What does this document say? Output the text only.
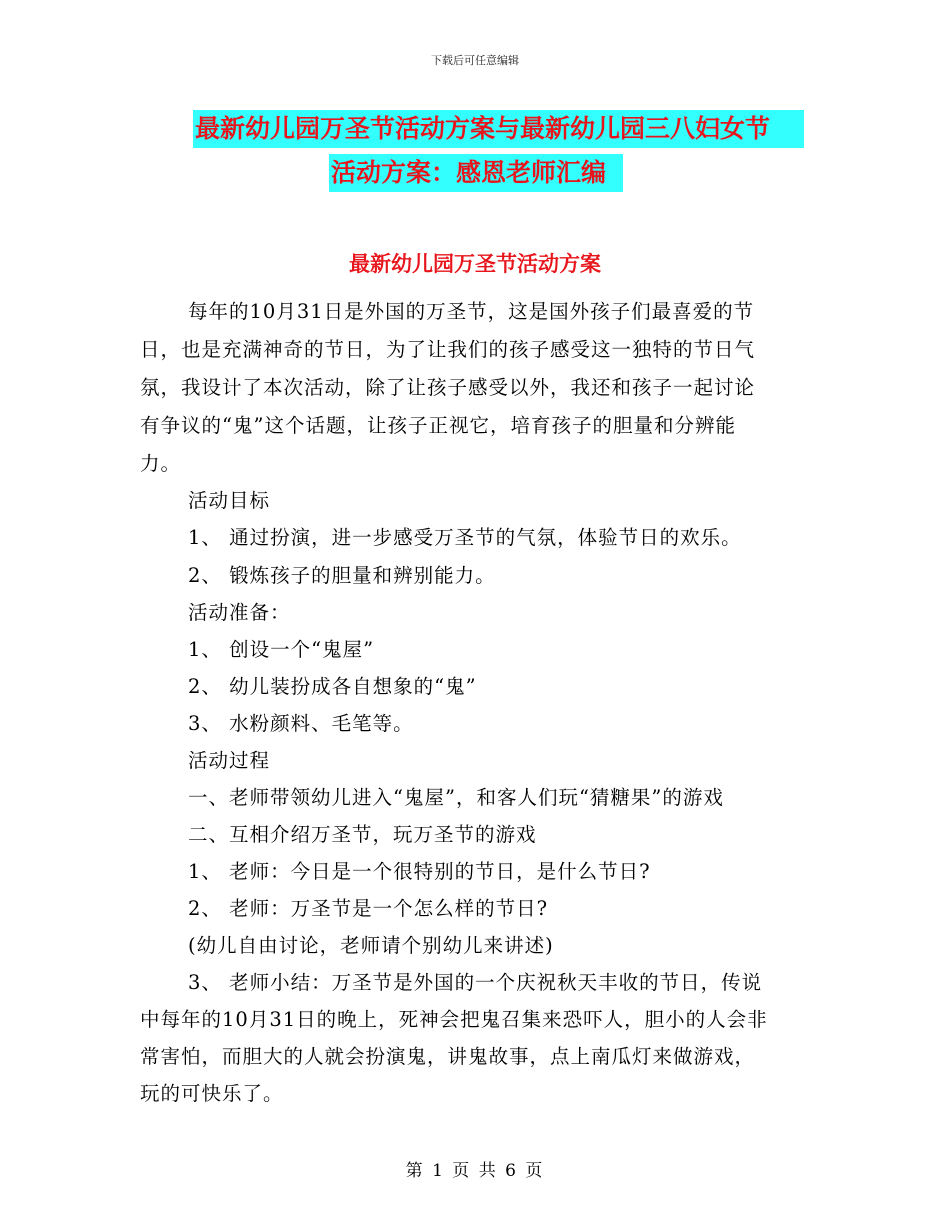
下载后可任意编辑
最新幼儿园万圣节活动方案与最新幼儿园三八妇女节
活动方案：感恩老师汇编
最新幼儿园万圣节活动方案
每年的10月31日是外国的万圣节，这是国外孩子们最喜爱的节
日，也是充满神奇的节日，为了让我们的孩子感受这一独特的节日气
氛，我设计了本次活动，除了让孩子感受以外，我还和孩子一起讨论
有争议的“鬼”这个话题，让孩子正视它，培育孩子的胆量和分辨能
力。
活动目标
1、 通过扮演，进一步感受万圣节的气氛，体验节日的欢乐。
2、 锻炼孩子的胆量和辨别能力。
活动准备：
1、 创设一个“鬼屋”
2、 幼儿装扮成各自想象的“鬼”
3、 水粉颜料、毛笔等。
活动过程
一、老师带领幼儿进入“鬼屋”，和客人们玩“猜糖果”的游戏
二、互相介绍万圣节，玩万圣节的游戏
1、 老师：今日是一个很特别的节日，是什么节日?
2、 老师：万圣节是一个怎么样的节日?
(幼儿自由讨论，老师请个别幼儿来讲述)
3、 老师小结：万圣节是外国的一个庆祝秋天丰收的节日，传说
中每年的10月31日的晚上，死神会把鬼召集来恐吓人，胆小的人会非
常害怕，而胆大的人就会扮演鬼，讲鬼故事，点上南瓜灯来做游戏，
玩的可快乐了。
第 1 页 共 6 页
